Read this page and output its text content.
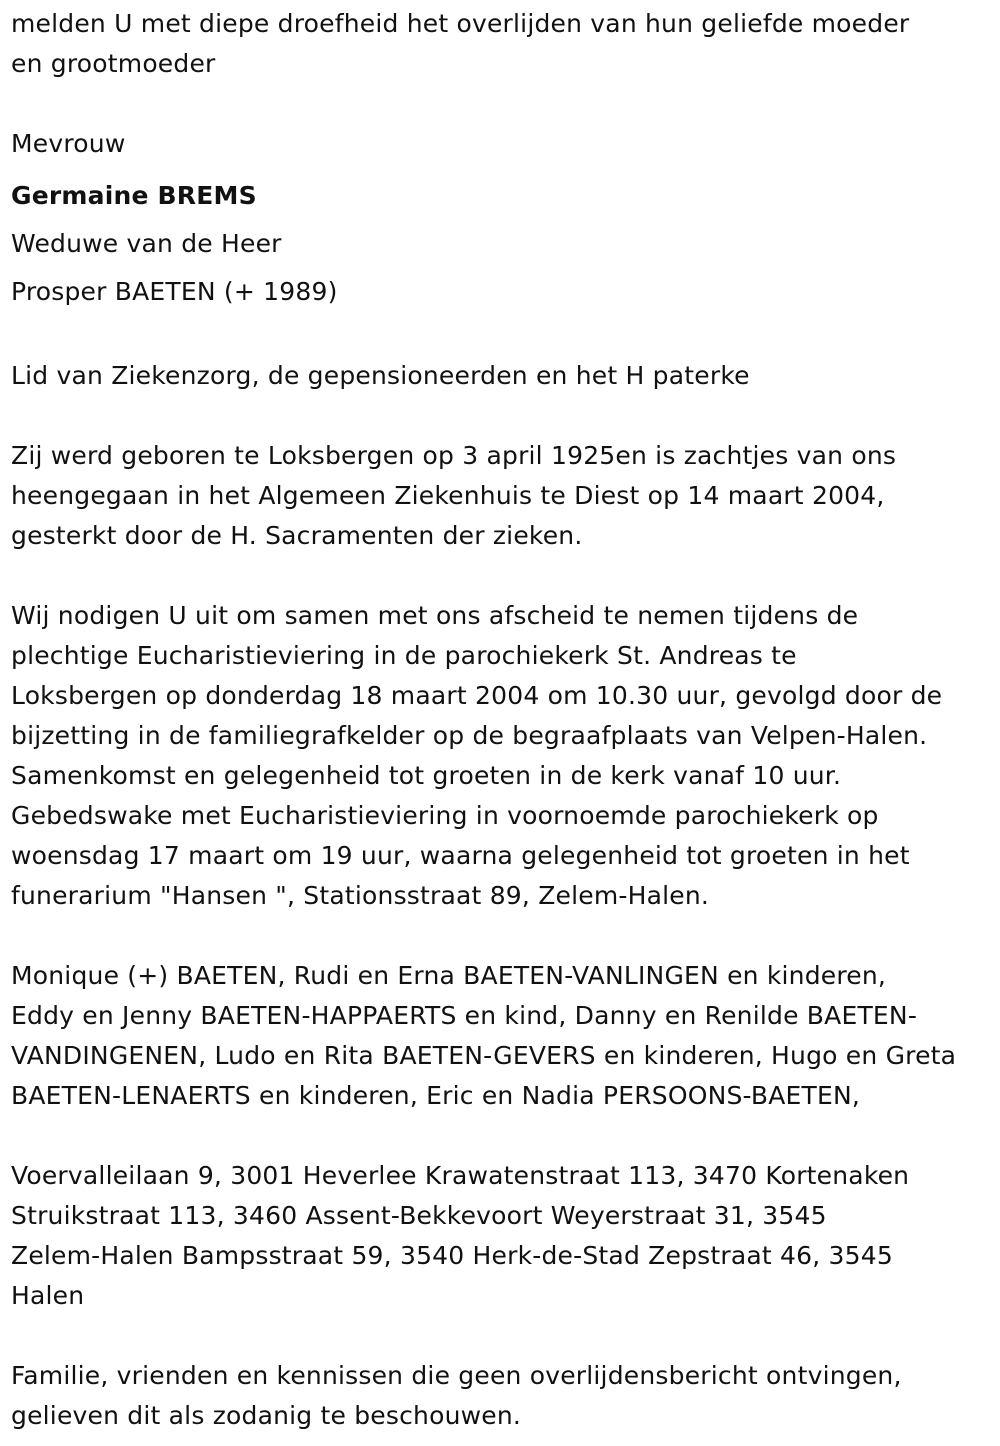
melden U met diepe droefheid het overlijden van hun geliefde moeder
en grootmoeder

Mevrouw
Germaine BREMS
Weduwe van de Heer
Prosper BAETEN (+ 1989)

Lid van Ziekenzorg, de gepensioneerden en het H paterke

Zij werd geboren te Loksbergen op 3 april 1925en is zachtjes van ons
heengegaan in het Algemeen Ziekenhuis te Diest op 14 maart 2004,
gesterkt door de H. Sacramenten der zieken.

Wij nodigen U uit om samen met ons afscheid te nemen tijdens de
plechtige Eucharistieviering in de parochiekerk St. Andreas te
Loksbergen op donderdag 18 maart 2004 om 10.30 uur, gevolgd door de
bijzetting in de familiegrafkelder op de begraafplaats van Velpen-Halen.
Samenkomst en gelegenheid tot groeten in de kerk vanaf 10 uur.
Gebedswake met Eucharistieviering in voornoemde parochiekerk op
woensdag 17 maart om 19 uur, waarna gelegenheid tot groeten in het
funerarium "Hansen ", Stationsstraat 89, Zelem-Halen.

Monique (+) BAETEN, Rudi en Erna BAETEN-VANLINGEN en kinderen,
Eddy en Jenny BAETEN-HAPPAERTS en kind, Danny en Renilde BAETEN-
VANDINGENEN, Ludo en Rita BAETEN-GEVERS en kinderen, Hugo en Greta
BAETEN-LENAERTS en kinderen, Eric en Nadia PERSOONS-BAETEN,

Voervalleilaan 9, 3001 Heverlee Krawatenstraat 113, 3470 Kortenaken
Struikstraat 113, 3460 Assent-Bekkevoort Weyerstraat 31, 3545
Zelem-Halen Bampsstraat 59, 3540 Herk-de-Stad Zepstraat 46, 3545
Halen

Familie, vrienden en kennissen die geen overlijdensbericht ontvingen,
gelieven dit als zodanig te beschouwen.
